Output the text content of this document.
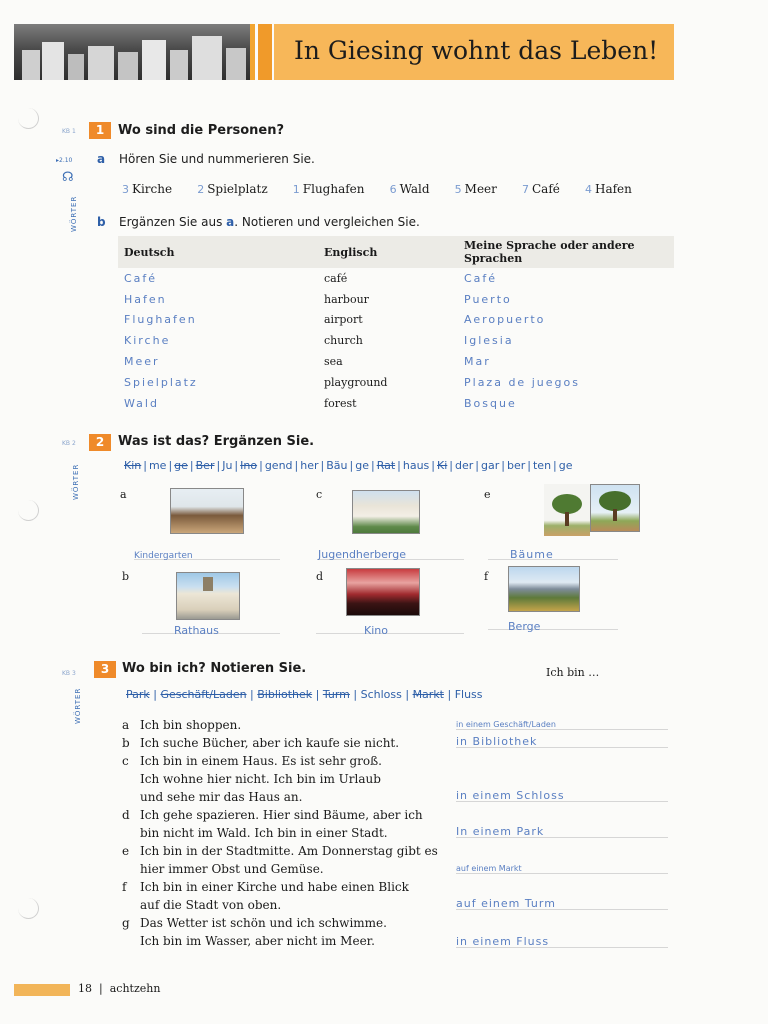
In Giesing wohnt das Leben!
KB 1	1	Wo sind die Personen?
▸2.10
☊
WÖRTER
a Hören Sie und nummerieren Sie.
3 Kirche 2 Spielplatz 1 Flughafen 6 Wald 5 Meer 7 Café 4 Hafen
b Ergänzen Sie aus a. Notieren und vergleichen Sie.
Deutsch	Englisch	Meine Sprache oder andere Sprachen
Café	café	Café
Hafen	harbour	Puerto
Flughafen	airport	Aeropuerto
Kirche	church	Iglesia
Meer	sea	Mar
Spielplatz	playground	Plaza de juegos
Wald	forest	Bosque
KB 2	2	Was ist das? Ergänzen Sie.
WÖRTER	Kin | me | ge | Ber | Ju | Ino | gend | her | Bäu | ge | Rat | haus | Ki | der | gar | ber | ten | ge
a
Kindergarten
c
Jugendherberge
e
Bäume
b
Rathaus
d
Kino
f
Berge
KB 3	3 Wo bin ich? Notieren Sie.	Ich bin …
WÖRTER	Park | Geschäft/Laden | Bibliothek | Turm | Schloss | Markt | Fluss
a Ich bin shoppen.
b Ich suche Bücher, aber ich kaufe sie nicht.
c Ich bin in einem Haus. Es ist sehr groß.
Ich wohne hier nicht. Ich bin im Urlaub
und sehe mir das Haus an.
d Ich gehe spazieren. Hier sind Bäume, aber ich
bin nicht im Wald. Ich bin in einer Stadt.
e Ich bin in der Stadtmitte. Am Donnerstag gibt es
hier immer Obst und Gemüse.
f Ich bin in einer Kirche und habe einen Blick
auf die Stadt von oben.
g Das Wetter ist schön und ich schwimme.
Ich bin im Wasser, aber nicht im Meer.
in einem Geschäft/Laden
in Bibliothek
in einem Schloss
In einem Park
auf einem Markt
auf einem Turm
in einem Fluss
18 | achtzehn
